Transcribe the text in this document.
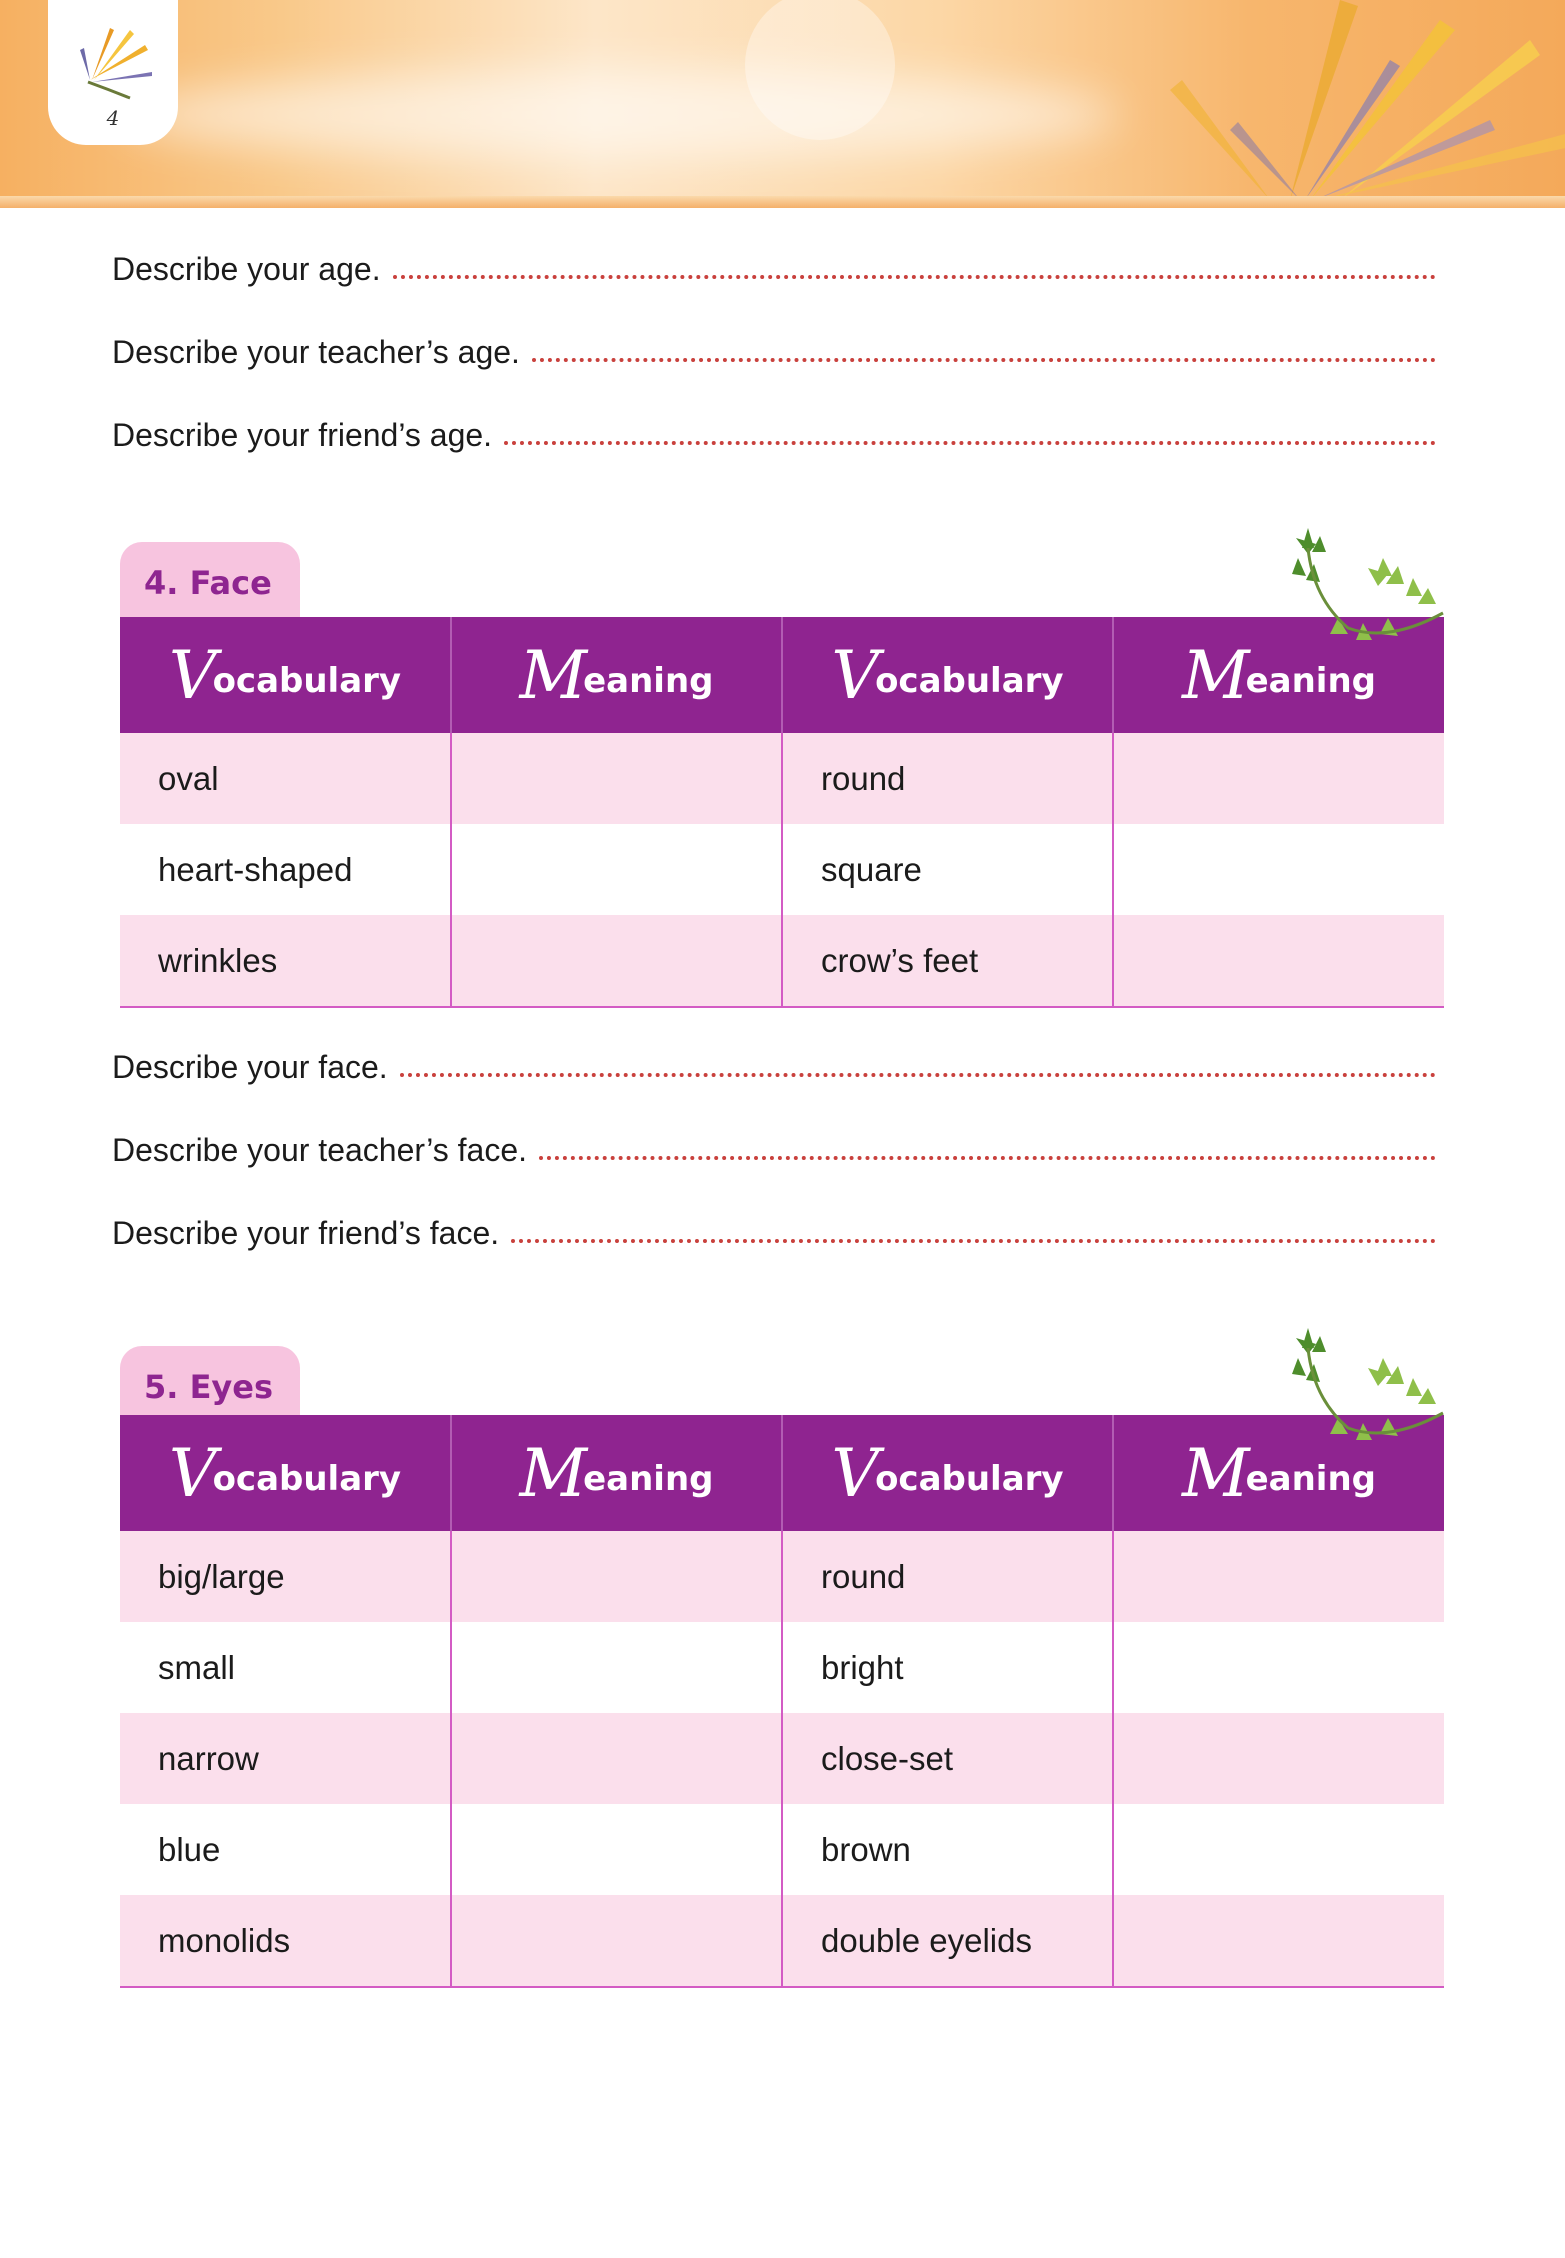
4
Describe your age.
Describe your teacher’s age.
Describe your friend’s age.
4. Face
Vocabulary	Meaning	Vocabulary	Meaning
oval		round	
heart-shaped		square	
wrinkles		crow’s feet	
Describe your face.
Describe your teacher’s face.
Describe your friend’s face.
5. Eyes
Vocabulary	Meaning	Vocabulary	Meaning
big/large		round	
small		bright	
narrow		close-set	
blue		brown	
monolids		double eyelids	
